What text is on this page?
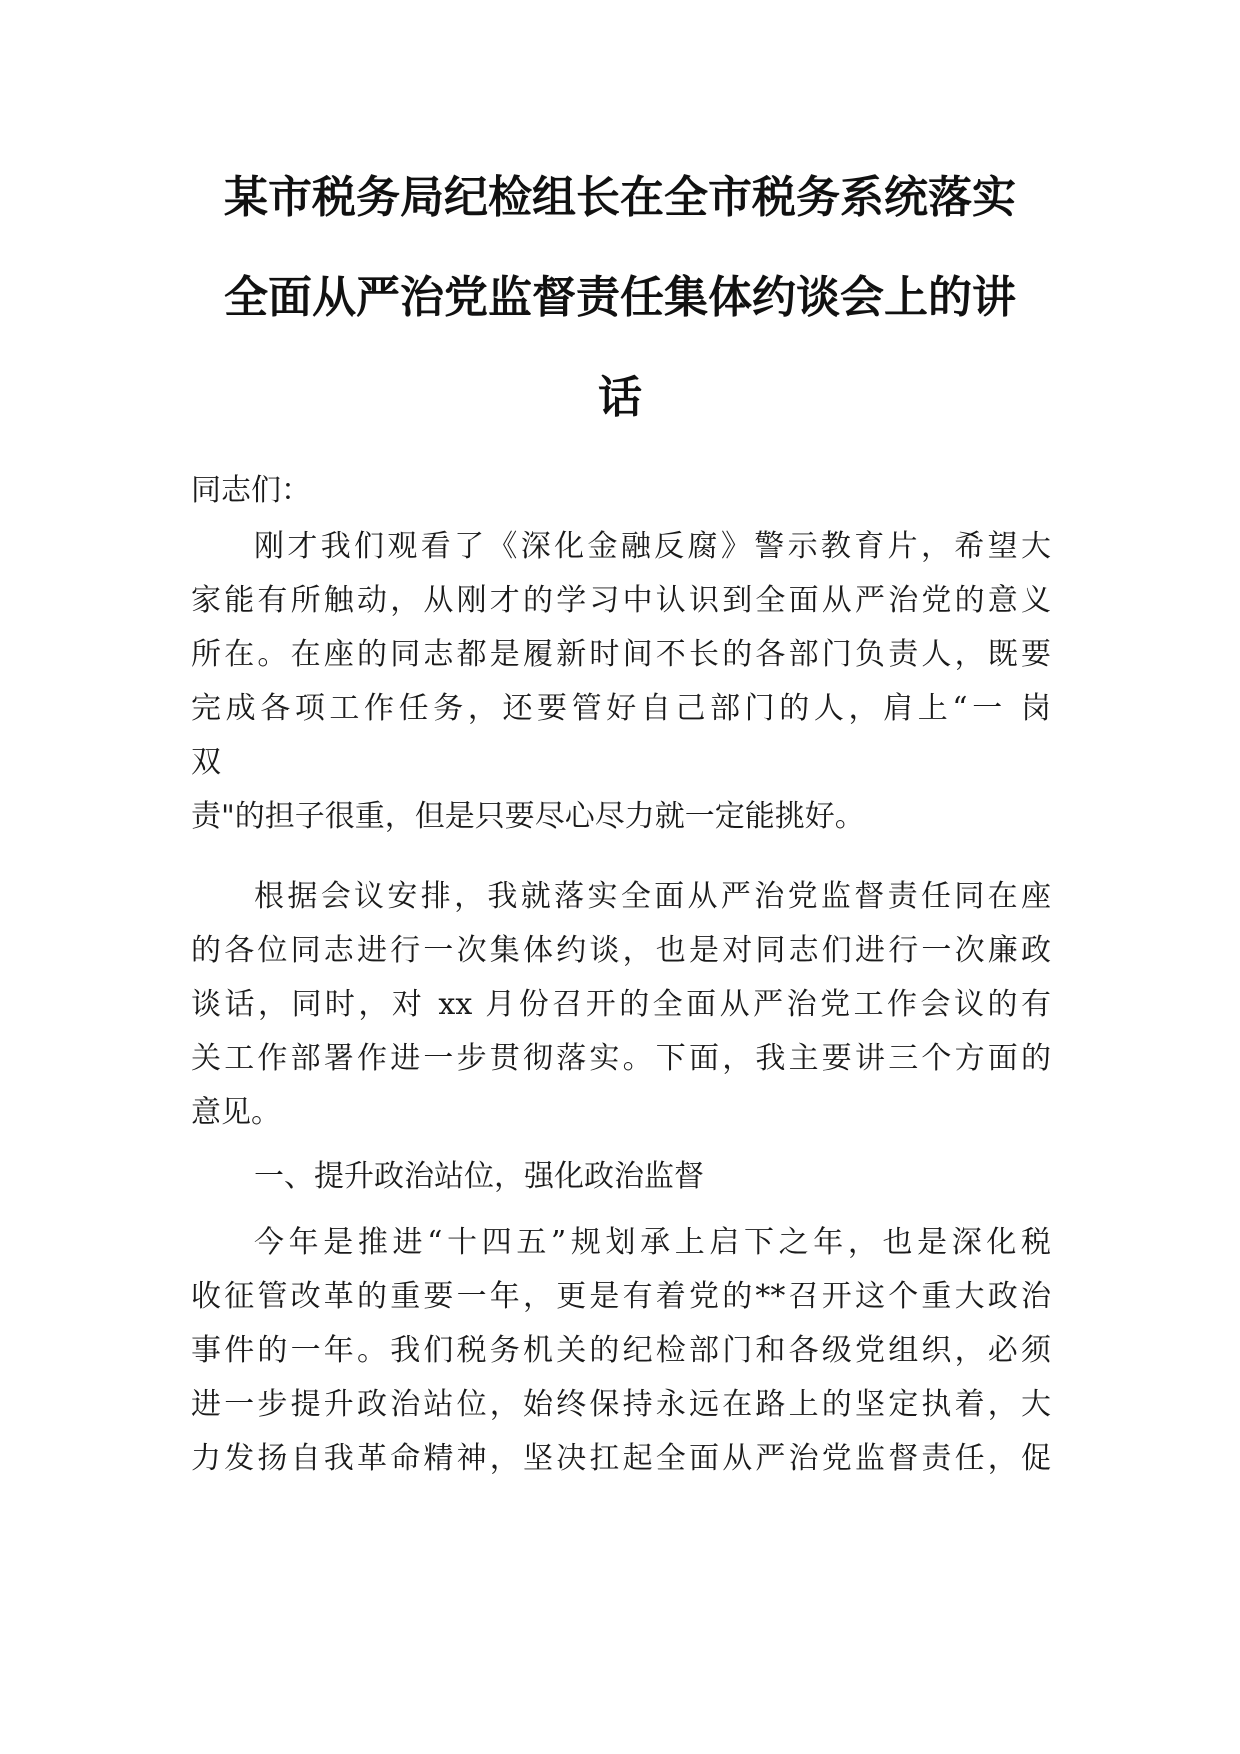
某市税务局纪检组长在全市税务系统落实
全面从严治党监督责任集体约谈会上的讲
话
同志们：
刚才我们观看了《深化金融反腐》警示教育片，希望大
家能有所触动，从刚才的学习中认识到全面从严治党的意义
所在。在座的同志都是履新时间不长的各部门负责人，既要
完成各项工作任务，还要管好自己部门的人，肩上“一 岗
双
责"的担子很重，但是只要尽心尽力就一定能挑好。
根据会议安排，我就落实全面从严治党监督责任同在座
的各位同志进行一次集体约谈，也是对同志们进行一次廉政
谈话，同时，对 xx 月份召开的全面从严治党工作会议的有
关工作部署作进一步贯彻落实。下面，我主要讲三个方面的
意见。
一、提升政治站位，强化政治监督
今年是推进“十四五”规划承上启下之年，也是深化税
收征管改革的重要一年，更是有着党的**召开这个重大政治
事件的一年。我们税务机关的纪检部门和各级党组织，必须
进一步提升政治站位，始终保持永远在路上的坚定执着，大
力发扬自我革命精神，坚决扛起全面从严治党监督责任，促
